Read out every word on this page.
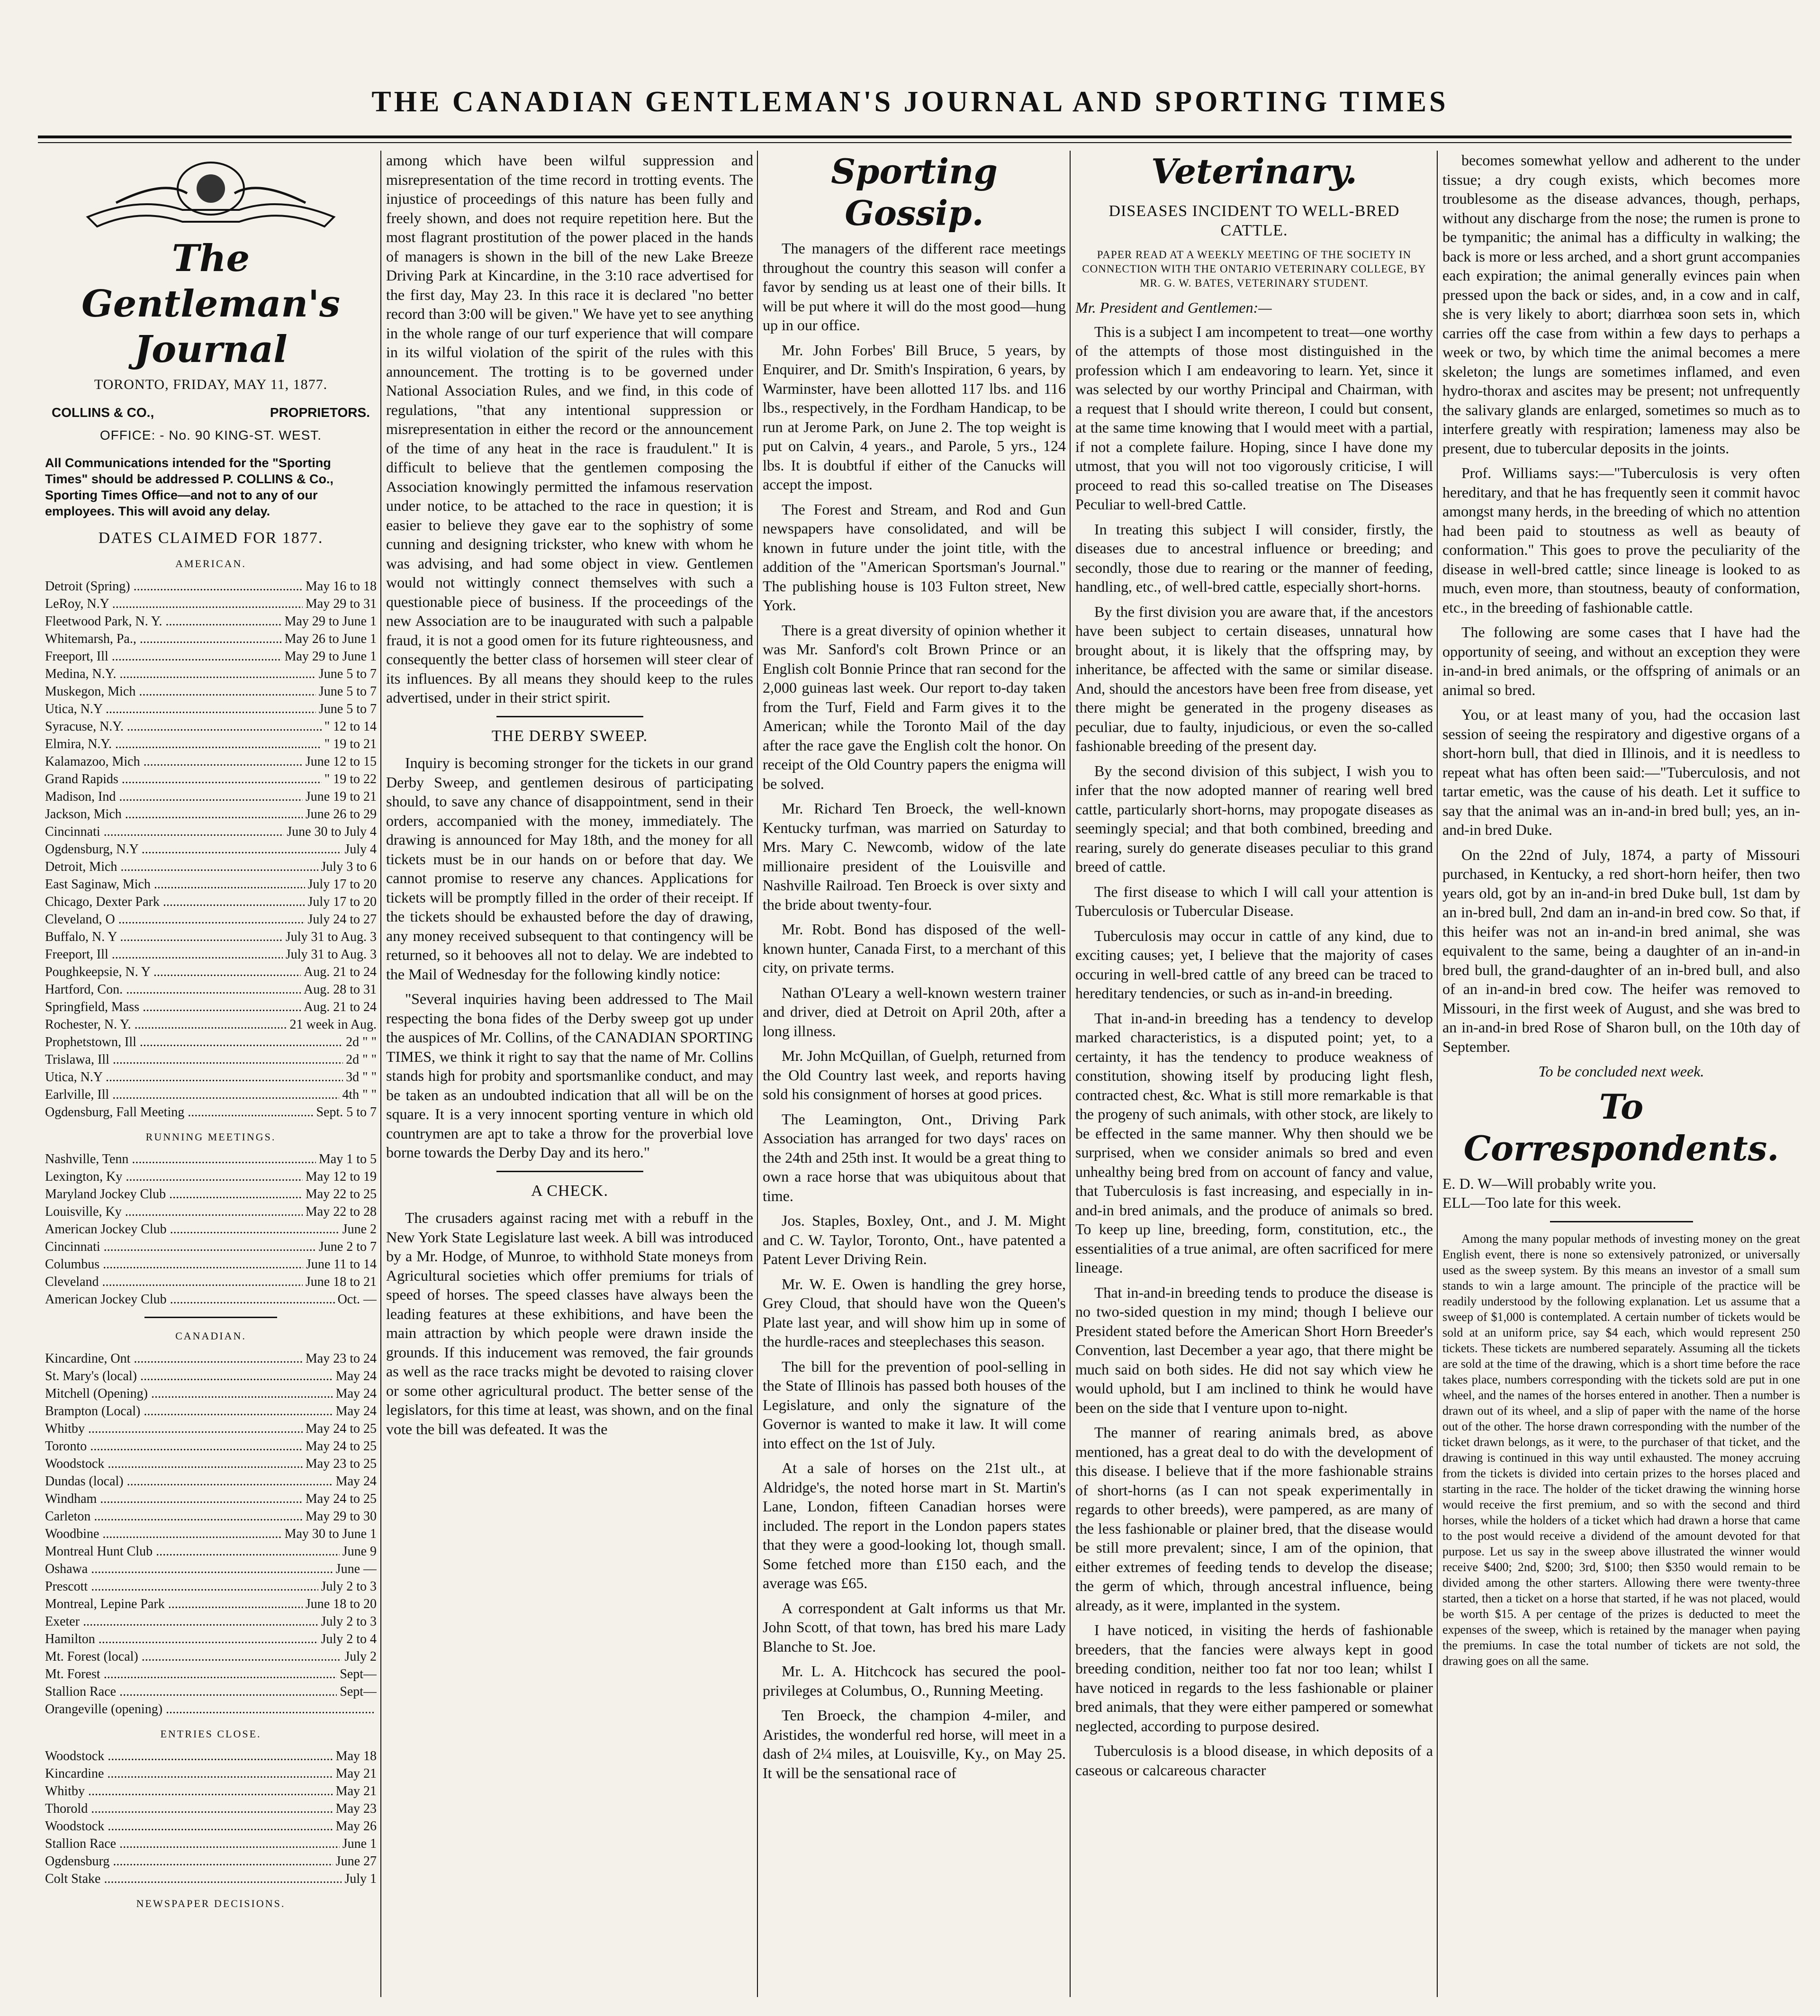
THE CANADIAN GENTLEMAN'S JOURNAL AND SPORTING TIMES
The Gentleman's Journal
TORONTO, FRIDAY, MAY 11, 1877.
COLLINS & CO.,	PROPRIETORS.
OFFICE: - No. 90 KING-ST. WEST.
All Communications intended for the "Sporting Times" should be addressed P. COLLINS & Co., Sporting Times Office—and not to any of our employees. This will avoid any delay.
DATES CLAIMED FOR 1877.
AMERICAN.
Detroit (Spring) .....	May 16 to 18
LeRoy, N.Y .....	May 29 to 31
Fleetwood Park, N. Y. .....	May 29 to June 1
Whitemarsh, Pa., .....	May 26 to June 1
Freeport, Ill .....	May 29 to June 1
Medina, N.Y. .....	June 5 to 7
Muskegon, Mich .....	June 5 to 7
Utica, N.Y .....	June 5 to 7
Syracuse, N.Y. .....	" 12 to 14
Elmira, N.Y. .....	" 19 to 21
Kalamazoo, Mich .....	June 12 to 15
Grand Rapids .....	" 19 to 22
Madison, Ind .....	June 19 to 21
Jackson, Mich .....	June 26 to 29
Cincinnati .....	June 30 to July 4
Ogdensburg, N.Y .....	July 4
Detroit, Mich .....	July 3 to 6
East Saginaw, Mich .....	July 17 to 20
Chicago, Dexter Park .....	July 17 to 20
Cleveland, O .....	July 24 to 27
Buffalo, N. Y .....	July 31 to Aug. 3
Freeport, Ill .....	July 31 to Aug. 3
Poughkeepsie, N. Y .....	Aug. 21 to 24
Hartford, Con. .....	Aug. 28 to 31
Springfield, Mass .....	Aug. 21 to 24
Rochester, N. Y. .....	21 week in Aug.
Prophetstown, Ill .....	2d " "
Trislawa, Ill .....	2d " "
Utica, N.Y .....	3d " "
Earlville, Ill .....	4th " "
Ogdensburg, Fall Meeting .....	Sept. 5 to 7
RUNNING MEETINGS.
Nashville, Tenn .....	May 1 to 5
Lexington, Ky .....	May 12 to 19
Maryland Jockey Club .....	May 22 to 25
Louisville, Ky .....	May 22 to 28
American Jockey Club .....	June 2
Cincinnati .....	June 2 to 7
Columbus .....	June 11 to 14
Cleveland .....	June 18 to 21
American Jockey Club .....	Oct. —
CANADIAN.
Kincardine, Ont .....	May 23 to 24
St. Mary's (local) .....	May 24
Mitchell (Opening) .....	May 24
Brampton (Local) .....	May 24
Whitby .....	May 24 to 25
Toronto .....	May 24 to 25
Woodstock .....	May 23 to 25
Dundas (local) .....	May 24
Windham .....	May 24 to 25
Carleton .....	May 29 to 30
Woodbine .....	May 30 to June 1
Montreal Hunt Club .....	June 9
Oshawa .....	June —
Prescott .....	July 2 to 3
Montreal, Lepine Park .....	June 18 to 20
Exeter .....	July 2 to 3
Hamilton .....	July 2 to 4
Mt. Forest (local) .....	July 2
Mt. Forest .....	Sept—
Stallion Race .....	Sept—
Orangeville (opening) .....
ENTRIES CLOSE.
Woodstock .....	May 18
Kincardine .....	May 21
Whitby .....	May 21
Thorold .....	May 23
Woodstock .....	May 26
Stallion Race .....	June 1
Ogdensburg .....	June 27
Colt Stake .....	July 1
NEWSPAPER DECISIONS.

among which have been wilful suppression and misrepresentation of the time record in trotting events. The injustice of proceedings of this nature has been fully and freely shown, and does not require repetition here. But the most flagrant prostitution of the power placed in the hands of managers is shown in the bill of the new Lake Breeze Driving Park at Kincardine, in the 3:10 race advertised for the first day, May 23. In this race it is declared "no better record than 3:00 will be given." We have yet to see anything in the whole range of our turf experience that will compare in its wilful violation of the spirit of the rules with this announcement. The trotting is to be governed under National Association Rules, and we find, in this code of regulations, "that any intentional suppression or misrepresentation in either the record or the announcement of the time of any heat in the race is fraudulent." It is difficult to believe that the gentlemen composing the Association knowingly permitted the infamous reservation under notice, to be attached to the race in question; it is easier to believe they gave ear to the sophistry of some cunning and designing trickster, who knew with whom he was advising, and had some object in view. Gentlemen would not wittingly connect themselves with such a questionable piece of business. If the proceedings of the new Association are to be inaugurated with such a palpable fraud, it is not a good omen for its future righteousness, and consequently the better class of horsemen will steer clear of its influences. By all means they should keep to the rules advertised, under in their strict spirit.

THE DERBY SWEEP.

Inquiry is becoming stronger for the tickets in our grand Derby Sweep, and gentlemen desirous of participating should, to save any chance of disappointment, send in their orders, accompanied with the money, immediately. The drawing is announced for May 18th, and the money for all tickets must be in our hands on or before that day. We cannot promise to reserve any chances. Applications for tickets will be promptly filled in the order of their receipt. If the tickets should be exhausted before the day of drawing, any money received subsequent to that contingency will be returned, so it behooves all not to delay. We are indebted to the Mail of Wednesday for the following kindly notice:

"Several inquiries having been addressed to The Mail respecting the bona fides of the Derby sweep got up under the auspices of Mr. Collins, of the CANADIAN SPORTING TIMES, we think it right to say that the name of Mr. Collins stands high for probity and sportsmanlike conduct, and may be taken as an undoubted indication that all will be on the square. It is a very innocent sporting venture in which old countrymen are apt to take a throw for the proverbial love borne towards the Derby Day and its hero."

A CHECK.

The crusaders against racing met with a rebuff in the New York State Legislature last week. A bill was introduced by a Mr. Hodge, of Munroe, to withhold State moneys from Agricultural societies which offer premiums for trials of speed of horses. The speed classes have always been the leading features at these exhibitions, and have been the main attraction by which people were drawn inside the grounds. If this inducement was removed, the fair grounds as well as the race tracks might be devoted to raising clover or some other agricultural product. The better sense of the legislators, for this time at least, was shown, and on the final vote the bill was defeated. It was the

Sporting Gossip.

The managers of the different race meetings throughout the country this season will confer a favor by sending us at least one of their bills. It will be put where it will do the most good—hung up in our office.

Mr. John Forbes' Bill Bruce, 5 years, by Enquirer, and Dr. Smith's Inspiration, 6 years, by Warminster, have been allotted 117 lbs. and 116 lbs., respectively, in the Fordham Handicap, to be run at Jerome Park, on June 2. The top weight is put on Calvin, 4 years., and Parole, 5 yrs., 124 lbs. It is doubtful if either of the Canucks will accept the impost.

The Forest and Stream, and Rod and Gun newspapers have consolidated, and will be known in future under the joint title, with the addition of the "American Sportsman's Journal." The publishing house is 103 Fulton street, New York.

There is a great diversity of opinion whether it was Mr. Sanford's colt Brown Prince or an English colt Bonnie Prince that ran second for the 2,000 guineas last week. Our report to-day taken from the Turf, Field and Farm gives it to the American; while the Toronto Mail of the day after the race gave the English colt the honor. On receipt of the Old Country papers the enigma will be solved.

Mr. Richard Ten Broeck, the well-known Kentucky turfman, was married on Saturday to Mrs. Mary C. Newcomb, widow of the late millionaire president of the Louisville and Nashville Railroad. Ten Broeck is over sixty and the bride about twenty-four.

Mr. Robt. Bond has disposed of the well-known hunter, Canada First, to a merchant of this city, on private terms.

Nathan O'Leary a well-known western trainer and driver, died at Detroit on April 20th, after a long illness.

Mr. John McQuillan, of Guelph, returned from the Old Country last week, and reports having sold his consignment of horses at good prices.

The Leamington, Ont., Driving Park Association has arranged for two days' races on the 24th and 25th inst. It would be a great thing to own a race horse that was ubiquitous about that time.

Jos. Staples, Boxley, Ont., and J. M. Might and C. W. Taylor, Toronto, Ont., have patented a Patent Lever Driving Rein.

Mr. W. E. Owen is handling the grey horse, Grey Cloud, that should have won the Queen's Plate last year, and will show him up in some of the hurdle-races and steeplechases this season.

The bill for the prevention of pool-selling in the State of Illinois has passed both houses of the Legislature, and only the signature of the Governor is wanted to make it law. It will come into effect on the 1st of July.

At a sale of horses on the 21st ult., at Aldridge's, the noted horse mart in St. Martin's Lane, London, fifteen Canadian horses were included. The report in the London papers states that they were a good-looking lot, though small. Some fetched more than £150 each, and the average was £65.

A correspondent at Galt informs us that Mr. John Scott, of that town, has bred his mare Lady Blanche to St. Joe.

Mr. L. A. Hitchcock has secured the pool-privileges at Columbus, O., Running Meeting.

Ten Broeck, the champion 4-miler, and Aristides, the wonderful red horse, will meet in a dash of 2¼ miles, at Louisville, Ky., on May 25. It will be the sensational race of

Veterinary.
DISEASES INCIDENT TO WELL-BRED CATTLE.
PAPER READ AT A WEEKLY MEETING OF THE SOCIETY IN CONNECTION WITH THE ONTARIO VETERINARY COLLEGE, BY MR. G. W. BATES, VETERINARY STUDENT.
Mr. President and Gentlemen:—

This is a subject I am incompetent to treat—one worthy of the attempts of those most distinguished in the profession which I am endeavoring to learn. Yet, since it was selected by our worthy Principal and Chairman, with a request that I should write thereon, I could but consent, at the same time knowing that I would meet with a partial, if not a complete failure. Hoping, since I have done my utmost, that you will not too vigorously criticise, I will proceed to read this so-called treatise on The Diseases Peculiar to well-bred Cattle.

In treating this subject I will consider, firstly, the diseases due to ancestral influence or breeding; and secondly, those due to rearing or the manner of feeding, handling, etc., of well-bred cattle, especially short-horns.

By the first division you are aware that, if the ancestors have been subject to certain diseases, unnatural how brought about, it is likely that the offspring may, by inheritance, be affected with the same or similar disease. And, should the ancestors have been free from disease, yet there might be generated in the progeny diseases as peculiar, due to faulty, injudicious, or even the so-called fashionable breeding of the present day.

By the second division of this subject, I wish you to infer that the now adopted manner of rearing well bred cattle, particularly short-horns, may propogate diseases as seemingly special; and that both combined, breeding and rearing, surely do generate diseases peculiar to this grand breed of cattle.

The first disease to which I will call your attention is Tuberculosis or Tubercular Disease.

Tuberculosis may occur in cattle of any kind, due to exciting causes; yet, I believe that the majority of cases occuring in well-bred cattle of any breed can be traced to hereditary tendencies, or such as in-and-in breeding.

That in-and-in breeding has a tendency to develop marked characteristics, is a disputed point; yet, to a certainty, it has the tendency to produce weakness of constitution, showing itself by producing light flesh, contracted chest, &c. What is still more remarkable is that the progeny of such animals, with other stock, are likely to be effected in the same manner. Why then should we be surprised, when we consider animals so bred and even unhealthy being bred from on account of fancy and value, that Tuberculosis is fast increasing, and especially in in-and-in bred animals, and the produce of animals so bred. To keep up line, breeding, form, constitution, etc., the essentialities of a true animal, are often sacrificed for mere lineage.

That in-and-in breeding tends to produce the disease is no two-sided question in my mind; though I believe our President stated before the American Short Horn Breeder's Convention, last December a year ago, that there might be much said on both sides. He did not say which view he would uphold, but I am inclined to think he would have been on the side that I venture upon to-night.

The manner of rearing animals bred, as above mentioned, has a great deal to do with the development of this disease. I believe that if the more fashionable strains of short-horns (as I can not speak experimentally in regards to other breeds), were pampered, as are many of the less fashionable or plainer bred, that the disease would be still more prevalent; since, I am of the opinion, that either extremes of feeding tends to develop the disease; the germ of which, through ancestral influence, being already, as it were, implanted in the system.

I have noticed, in visiting the herds of fashionable breeders, that the fancies were always kept in good breeding condition, neither too fat nor too lean; whilst I have noticed in regards to the less fashionable or plainer bred animals, that they were either pampered or somewhat neglected, according to purpose desired.

Tuberculosis is a blood disease, in which deposits of a caseous or calcareous character

becomes somewhat yellow and adherent to the under tissue; a dry cough exists, which becomes more troublesome as the disease advances, though, perhaps, without any discharge from the nose; the rumen is prone to be tympanitic; the animal has a difficulty in walking; the back is more or less arched, and a short grunt accompanies each expiration; the animal generally evinces pain when pressed upon the back or sides, and, in a cow and in calf, she is very likely to abort; diarrhœa soon sets in, which carries off the case from within a few days to perhaps a week or two, by which time the animal becomes a mere skeleton; the lungs are sometimes inflamed, and even hydro-thorax and ascites may be present; not unfrequently the salivary glands are enlarged, sometimes so much as to interfere greatly with respiration; lameness may also be present, due to tubercular deposits in the joints.

Prof. Williams says:—"Tuberculosis is very often hereditary, and that he has frequently seen it commit havoc amongst many herds, in the breeding of which no attention had been paid to stoutness as well as beauty of conformation." This goes to prove the peculiarity of the disease in well-bred cattle; since lineage is looked to as much, even more, than stoutness, beauty of conformation, etc., in the breeding of fashionable cattle.

The following are some cases that I have had the opportunity of seeing, and without an exception they were in-and-in bred animals, or the offspring of animals or an animal so bred.

You, or at least many of you, had the occasion last session of seeing the respiratory and digestive organs of a short-horn bull, that died in Illinois, and it is needless to repeat what has often been said:—"Tuberculosis, and not tartar emetic, was the cause of his death. Let it suffice to say that the animal was an in-and-in bred bull; yes, an in-and-in bred Duke.

On the 22nd of July, 1874, a party of Missouri purchased, in Kentucky, a red short-horn heifer, then two years old, got by an in-and-in bred Duke bull, 1st dam by an in-bred bull, 2nd dam an in-and-in bred cow. So that, if this heifer was not an in-and-in bred animal, she was equivalent to the same, being a daughter of an in-and-in bred bull, the grand-daughter of an in-bred bull, and also of an in-and-in bred cow. The heifer was removed to Missouri, in the first week of August, and she was bred to an in-and-in bred Rose of Sharon bull, on the 10th day of September.

To be concluded next week.
To Correspondents.
E. D. W—Will probably write you.
ELL—Too late for this week.

Among the many popular methods of investing money on the great English event, there is none so extensively patronized, or universally used as the sweep system. By this means an investor of a small sum stands to win a large amount. The principle of the practice will be readily understood by the following explanation. Let us assume that a sweep of $1,000 is contemplated. A certain number of tickets would be sold at an uniform price, say $4 each, which would represent 250 tickets. These tickets are numbered separately. Assuming all the tickets are sold at the time of the drawing, which is a short time before the race takes place, numbers corresponding with the tickets sold are put in one wheel, and the names of the horses entered in another. Then a number is drawn out of its wheel, and a slip of paper with the name of the horse out of the other. The horse drawn corresponding with the number of the ticket drawn belongs, as it were, to the purchaser of that ticket, and the drawing is continued in this way until exhausted. The money accruing from the tickets is divided into certain prizes to the horses placed and starting in the race. The holder of the ticket drawing the winning horse would receive the first premium, and so with the second and third horses, while the holders of a ticket which had drawn a horse that came to the post would receive a dividend of the amount devoted for that purpose. Let us say in the sweep above illustrated the winner would receive $400; 2nd, $200; 3rd, $100; then $350 would remain to be divided among the other starters. Allowing there were twenty-three started, then a ticket on a horse that started, if he was not placed, would be worth $15. A per centage of the prizes is deducted to meet the expenses of the sweep, which is retained by the manager when paying the premiums. In case the total number of tickets are not sold, the drawing goes on all the same.
